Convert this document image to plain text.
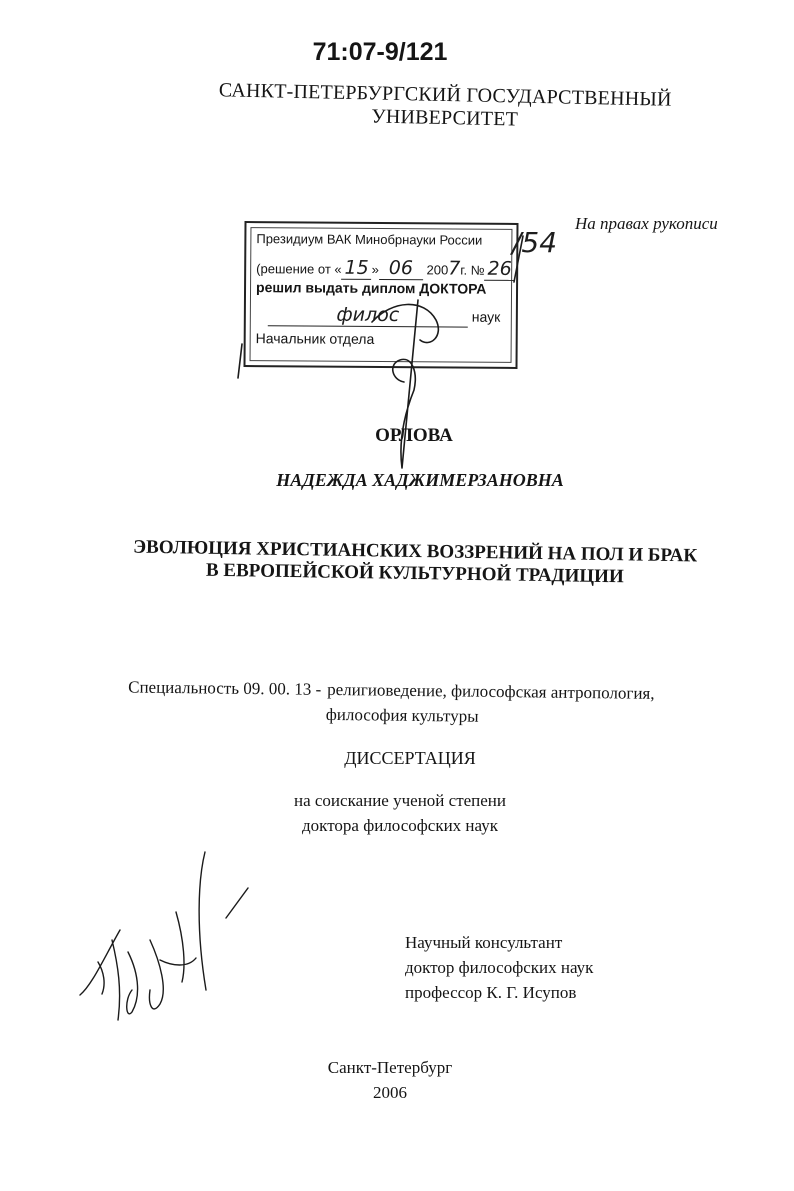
71:07-9/121
САНКТ-ПЕТЕРБУРГСКИЙ ГОСУДАРСТВЕННЫЙ УНИВЕРСИТЕТ
На правах рукописи
Президиум ВАК Минобрнауки России
(решение от « 15 » 06 2007г. № 26
решил выдать диплом ДОКТОРА
филос	наук
Начальник отдела
/54
ОРЛОВА
НАДЕЖДА ХАДЖИМЕРЗАНОВНА
ЭВОЛЮЦИЯ ХРИСТИАНСКИХ ВОЗЗРЕНИЙ НА ПОЛ И БРАК
В ЕВРОПЕЙСКОЙ КУЛЬТУРНОЙ ТРАДИЦИИ
Специальность 09. 00. 13 - религиоведение, философская антропология,
философия культуры
ДИССЕРТАЦИЯ
на соискание ученой степени
доктора философских наук
Научный консультант
доктор философских наук
профессор К. Г. Исупов
Санкт-Петербург
2006
